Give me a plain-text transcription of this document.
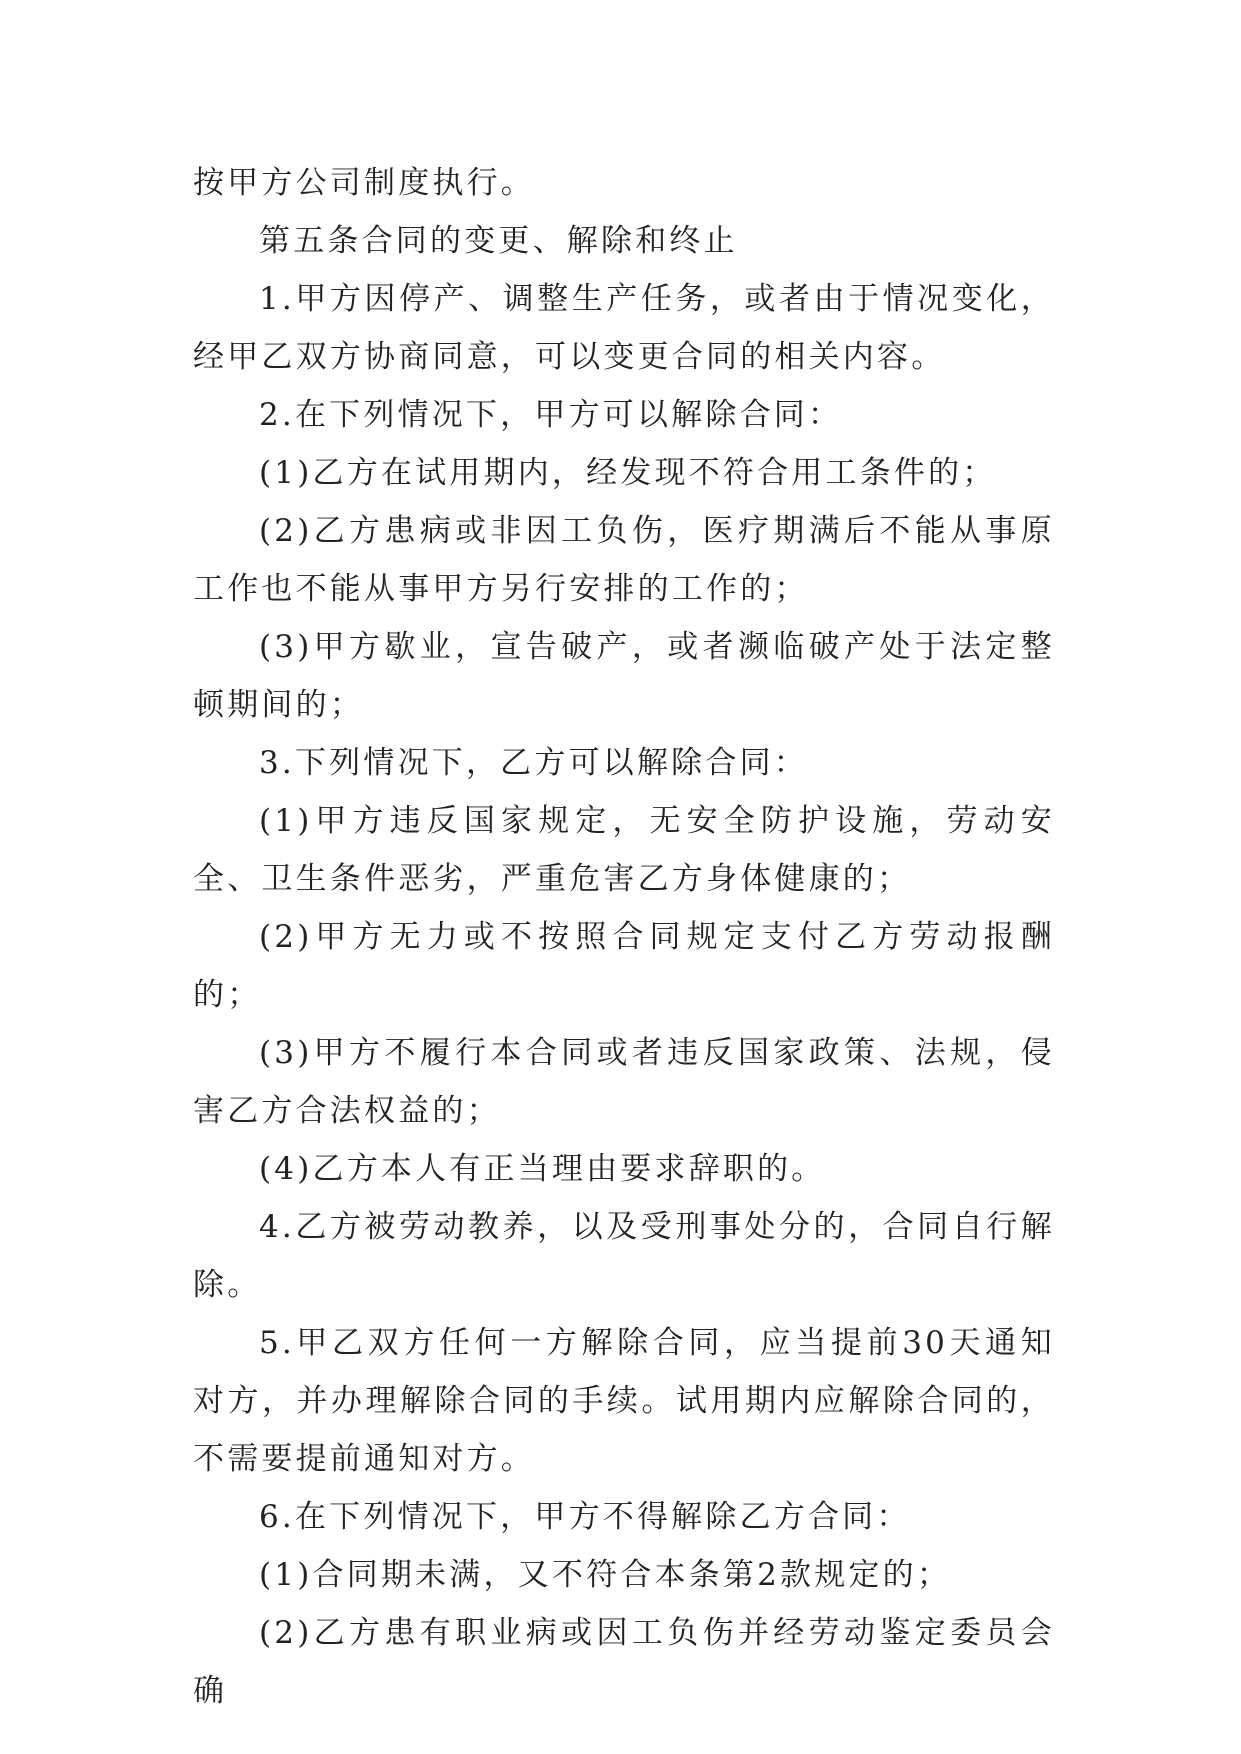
按甲方公司制度执行。

第五条合同的变更、解除和终止

1.甲方因停产、调整生产任务，或者由于情况变化，经甲乙双方协商同意，可以变更合同的相关内容。

2.在下列情况下，甲方可以解除合同：

(1)乙方在试用期内，经发现不符合用工条件的；

(2)乙方患病或非因工负伤，医疗期满后不能从事原工作也不能从事甲方另行安排的工作的；

(3)甲方歇业，宣告破产，或者濒临破产处于法定整顿期间的；

3.下列情况下，乙方可以解除合同：

(1)甲方违反国家规定，无安全防护设施，劳动安全、卫生条件恶劣，严重危害乙方身体健康的；

(2)甲方无力或不按照合同规定支付乙方劳动报酬的；

(3)甲方不履行本合同或者违反国家政策、法规，侵害乙方合法权益的；

(4)乙方本人有正当理由要求辞职的。

4.乙方被劳动教养，以及受刑事处分的，合同自行解除。

5.甲乙双方任何一方解除合同，应当提前30天通知对方，并办理解除合同的手续。试用期内应解除合同的，不需要提前通知对方。

6.在下列情况下，甲方不得解除乙方合同：

(1)合同期未满，又不符合本条第2款规定的；

(2)乙方患有职业病或因工负伤并经劳动鉴定委员会确
